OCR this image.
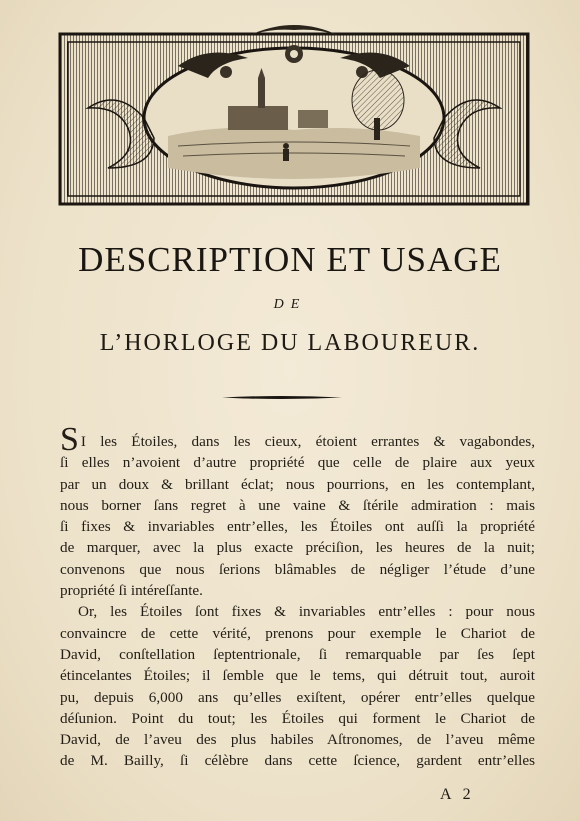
DESCRIPTION ET USAGE
DE
L’HORLOGE DU LABOUREUR.
S I les Étoiles, dans les cieux, étoient errantes & vagabondes,
ſi elles n’avoient d’autre propriété que celle de plaire aux yeux
par un doux & brillant éclat; nous pourrions, en les contemplant,
nous borner ſans regret à une vaine & ſtérile admiration : mais
ſi fixes & invariables entr’elles, les Étoiles ont auſſi la propriété
de marquer, avec la plus exacte préciſion, les heures de la nuit;
convenons que nous ſerions blâmables de négliger l’étude d’une
propriété ſi intéreſſante.
Or, les Étoiles ſont fixes & invariables entr’elles : pour nous
convaincre de cette vérité, prenons pour exemple le Chariot de
David, conſtellation ſeptentrionale, ſi remarquable par ſes ſept
étincelantes Étoiles; il ſemble que le tems, qui détruit tout, auroit
pu, depuis 6,000 ans qu’elles exiſtent, opérer entr’elles quelque
déſunion. Point du tout; les Étoiles qui forment le Chariot de
David, de l’aveu des plus habiles Aſtronomes, de l’aveu même
de M. Bailly, ſi célèbre dans cette ſcience, gardent entr’elles
A 2
